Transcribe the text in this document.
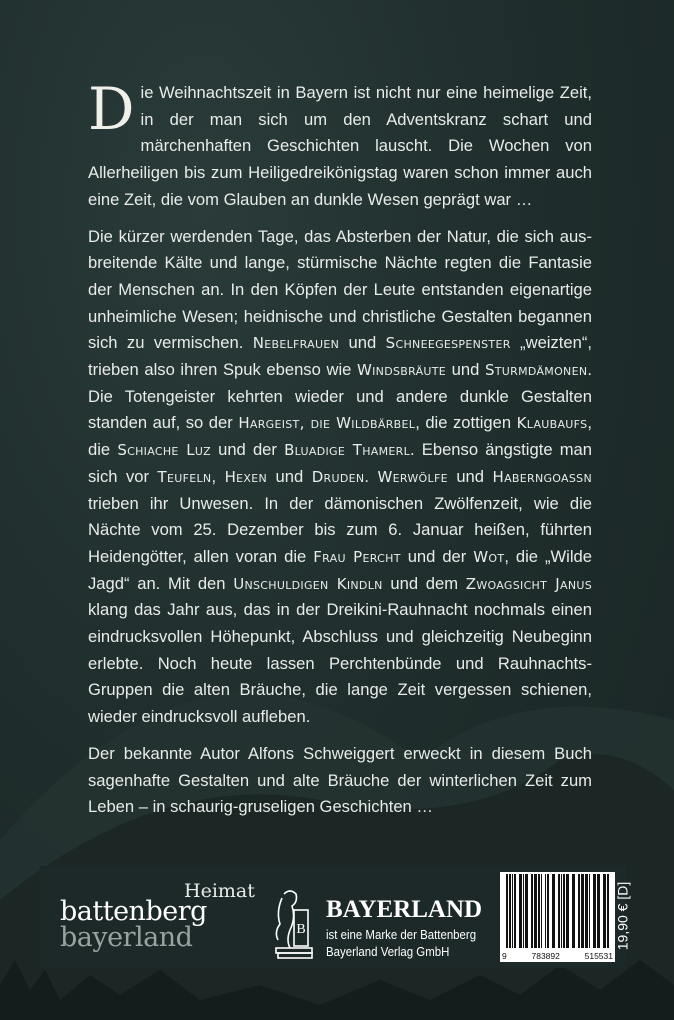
Die Weihnachtszeit in Bayern ist nicht nur eine heimelige Zeit, in der man sich um den Adventskranz schart und märchenhaften Geschichten lauscht. Die Wochen von Allerheiligen bis zum Heiligedreikönigstag waren schon immer auch eine Zeit, die vom Glauben an dunkle Wesen geprägt war …

Die kürzer werdenden Tage, das Absterben der Natur, die sich ausbreitende Kälte und lange, stürmische Nächte regten die Fantasie der Menschen an. In den Köpfen der Leute entstanden eigenartige unheimliche Wesen; heidnische und christliche Gestalten begannen sich zu vermischen. Nebelfrauen und Schneegespenster „weizten“, trieben also ihren Spuk ebenso wie Windsbräute und Sturmdämonen. Die Totengeister kehrten wieder und andere dunkle Gestalten standen auf, so der Hargeist, die Wildbärbel, die zottigen Klaubaufs, die Schiache Luz und der Bluadige Thamerl. Ebenso ängstigte man sich vor Teufeln, Hexen und Druden. Werwölfe und Haberngoassn trieben ihr Unwesen. In der dämonischen Zwölfenzeit, wie die Nächte vom 25. Dezember bis zum 6. Januar heißen, führten Heidengötter, allen voran die Frau Percht und der Wot, die „Wilde Jagd“ an. Mit den Unschuldigen Kindln und dem Zwoagsicht Janus klang das Jahr aus, das in der Dreikini-Rauhnacht nochmals einen eindrucksvollen Höhepunkt, Abschluss und gleichzeitig Neubeginn erlebte. Noch heute lassen Perchtenbünde und Rauhnachts-Gruppen die alten Bräuche, die lange Zeit vergessen schienen, wieder eindrucksvoll aufleben.

Der bekannte Autor Alfons Schweiggert erweckt in diesem Buch sagenhafte Gestalten und alte Bräuche der winterlichen Zeit zum Leben – in schaurig-gruseligen Geschichten …

Heimat
battenberg
bayerland	B
BAYERLAND
ist eine Marke der Battenberg
Bayerland Verlag GmbH	9	783892	515531
19,90 € [D]
